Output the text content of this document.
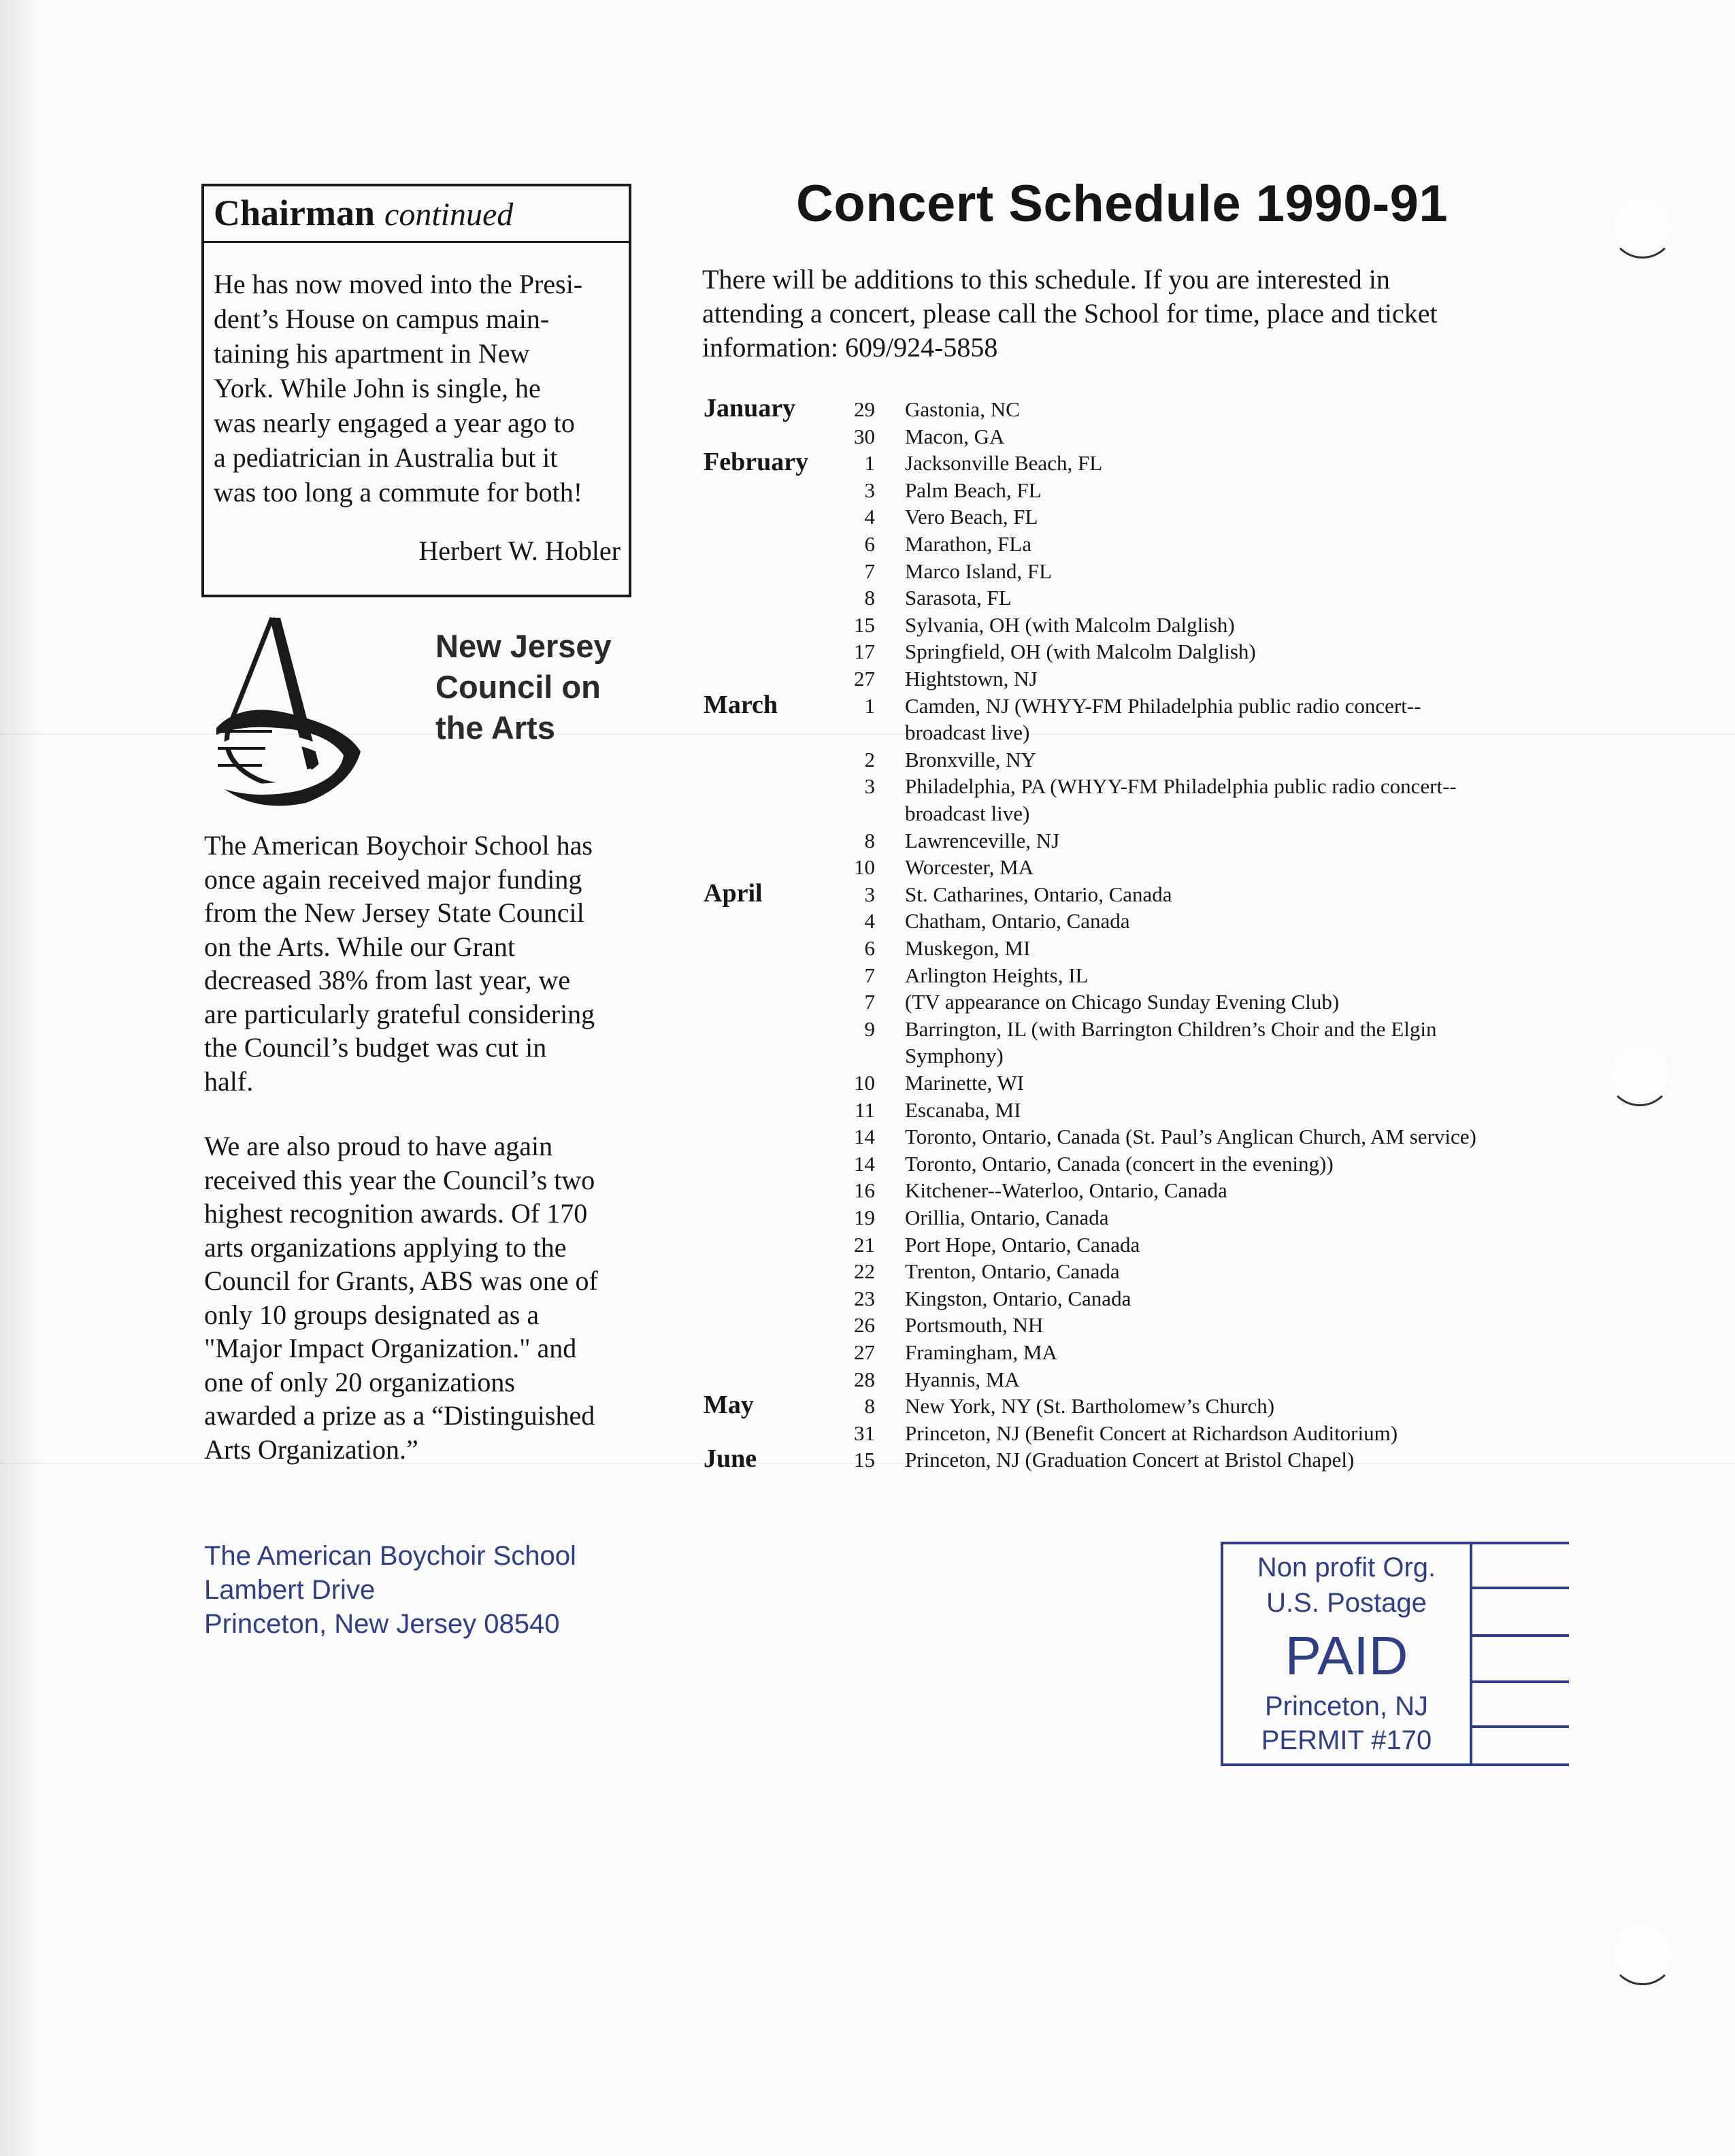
Chairman continued

He has now moved into the Presi-
dent’s House on campus main-
taining his apartment in New
York. While John is single, he
was nearly engaged a year ago to
a pediatrician in Australia but it
was too long a commute for both!

Herbert W. Hobler
New Jersey
Council on
the Arts

The American Boychoir School has
once again received major funding
from the New Jersey State Council
on the Arts. While our Grant
decreased 38% from last year, we
are particularly grateful considering
the Council’s budget was cut in
half.

We are also proud to have again
received this year the Council’s two
highest recognition awards. Of 170
arts organizations applying to the
Council for Grants, ABS was one of
only 10 groups designated as a
"Major Impact Organization." and
one of only 20 organizations
awarded a prize as a “Distinguished
Arts Organization.”

Concert Schedule 1990-91

There will be additions to this schedule. If you are interested in
attending a concert, please call the School for time, place and ticket
information: 609/924-5858

January	29 Gastonia, NC
30 Macon, GA
February	1 Jacksonville Beach, FL
3 Palm Beach, FL
4 Vero Beach, FL
6 Marathon, FLa
7 Marco Island, FL
8 Sarasota, FL
15 Sylvania, OH (with Malcolm Dalglish)
17 Springfield, OH (with Malcolm Dalglish)
27 Hightstown, NJ
March	1 Camden, NJ (WHYY-FM Philadelphia public radio concert--
broadcast live)
2 Bronxville, NY
3 Philadelphia, PA (WHYY-FM Philadelphia public radio concert--
broadcast live)
8 Lawrenceville, NJ
10 Worcester, MA
April	3 St. Catharines, Ontario, Canada
4 Chatham, Ontario, Canada
6 Muskegon, MI
7 Arlington Heights, IL
7 (TV appearance on Chicago Sunday Evening Club)
9 Barrington, IL (with Barrington Children’s Choir and the Elgin
Symphony)
10 Marinette, WI
11 Escanaba, MI
14 Toronto, Ontario, Canada (St. Paul’s Anglican Church, AM service)
14 Toronto, Ontario, Canada (concert in the evening))
16 Kitchener--Waterloo, Ontario, Canada
19 Orillia, Ontario, Canada
21 Port Hope, Ontario, Canada
22 Trenton, Ontario, Canada
23 Kingston, Ontario, Canada
26 Portsmouth, NH
27 Framingham, MA
28 Hyannis, MA
May	8 New York, NY (St. Bartholomew’s Church)
31 Princeton, NJ (Benefit Concert at Richardson Auditorium)
June	15 Princeton, NJ (Graduation Concert at Bristol Chapel)
The American Boychoir School
Lambert Drive
Princeton, New Jersey 08540
Non profit Org.
U.S. Postage
PAID
Princeton, NJ
PERMIT #170
